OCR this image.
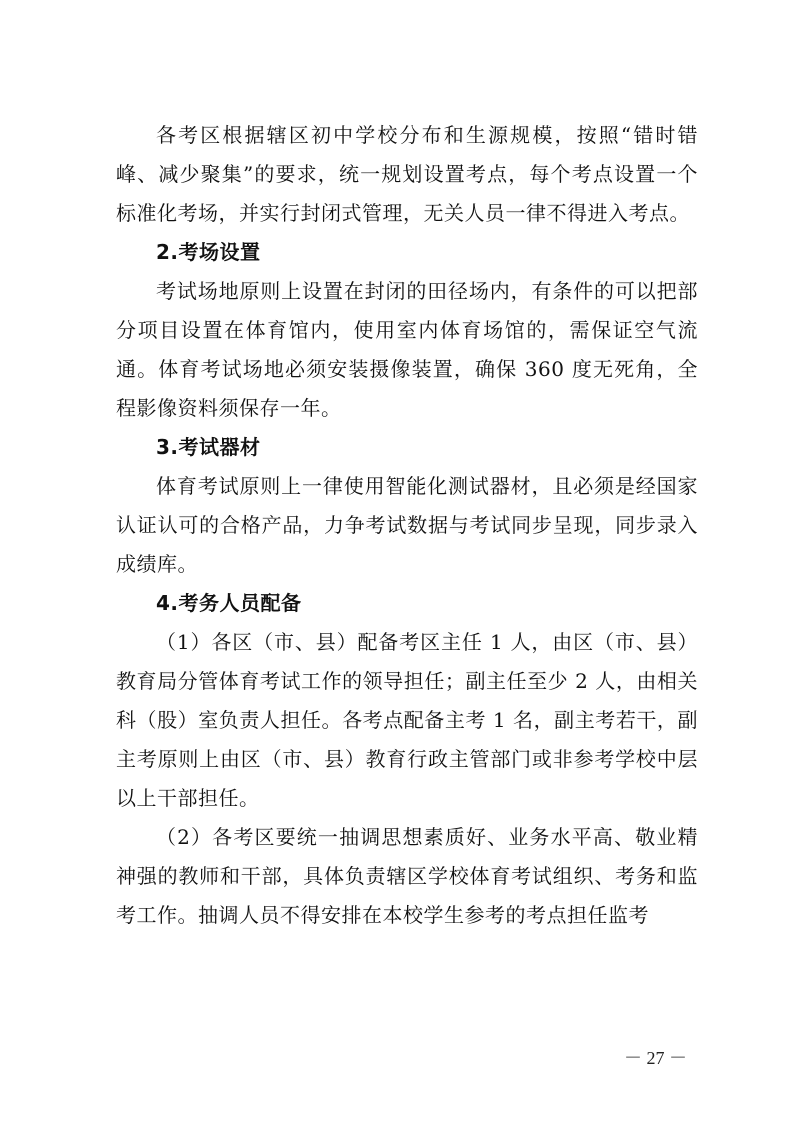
各考区根据辖区初中学校分布和生源规模，按照“错时错峰、减少聚集”的要求，统一规划设置考点，每个考点设置一个标准化考场，并实行封闭式管理，无关人员一律不得进入考点。

2.考场设置

考试场地原则上设置在封闭的田径场内，有条件的可以把部分项目设置在体育馆内，使用室内体育场馆的，需保证空气流通。体育考试场地必须安装摄像装置，确保 360 度无死角，全程影像资料须保存一年。

3.考试器材

体育考试原则上一律使用智能化测试器材，且必须是经国家认证认可的合格产品，力争考试数据与考试同步呈现，同步录入成绩库。

4.考务人员配备

（1）各区（市、县）配备考区主任 1 人，由区（市、县）教育局分管体育考试工作的领导担任；副主任至少 2 人，由相关科（股）室负责人担任。各考点配备主考 1 名，副主考若干，副主考原则上由区（市、县）教育行政主管部门或非参考学校中层以上干部担任。

（2）各考区要统一抽调思想素质好、业务水平高、敬业精神强的教师和干部，具体负责辖区学校体育考试组织、考务和监考工作。抽调人员不得安排在本校学生参考的考点担任监考

－ 27 －
